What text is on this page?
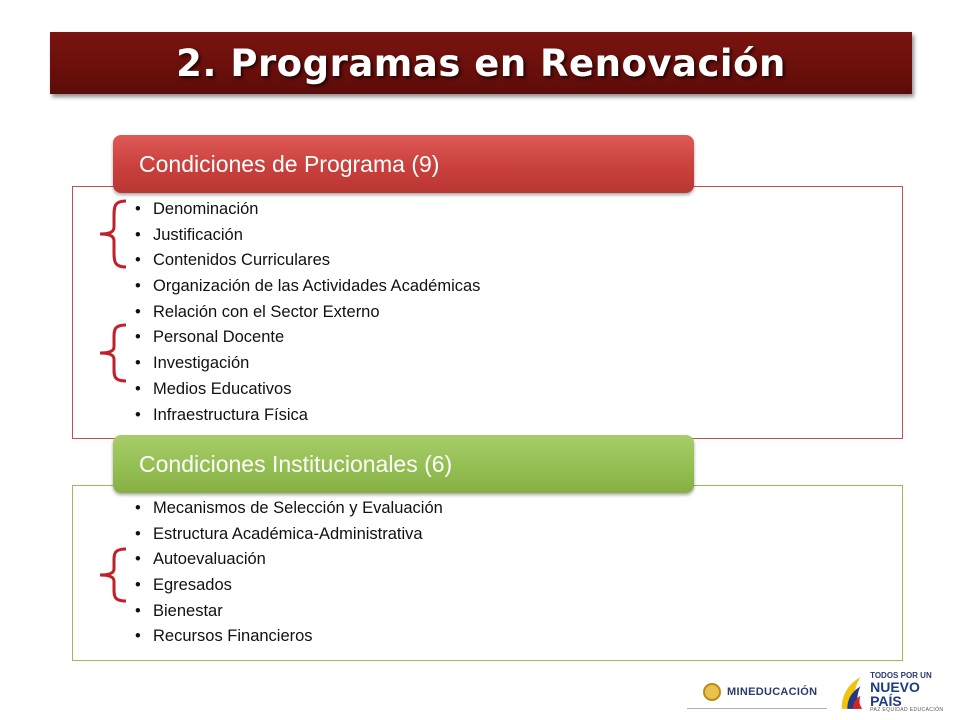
2. Programas en Renovación
Condiciones de Programa (9)
• Denominación
• Justificación
• Contenidos Curriculares
• Organización de las Actividades Académicas
• Relación con el Sector Externo
• Personal Docente
• Investigación
• Medios Educativos
• Infraestructura Física
Condiciones Institucionales (6)
• Mecanismos de Selección y Evaluación
• Estructura Académica-Administrativa
• Autoevaluación
• Egresados
• Bienestar
• Recursos Financieros
MINEDUCACIÓN
TODOS POR UN
NUEVO PAÍS
PAZ EQUIDAD EDUCACIÓN
